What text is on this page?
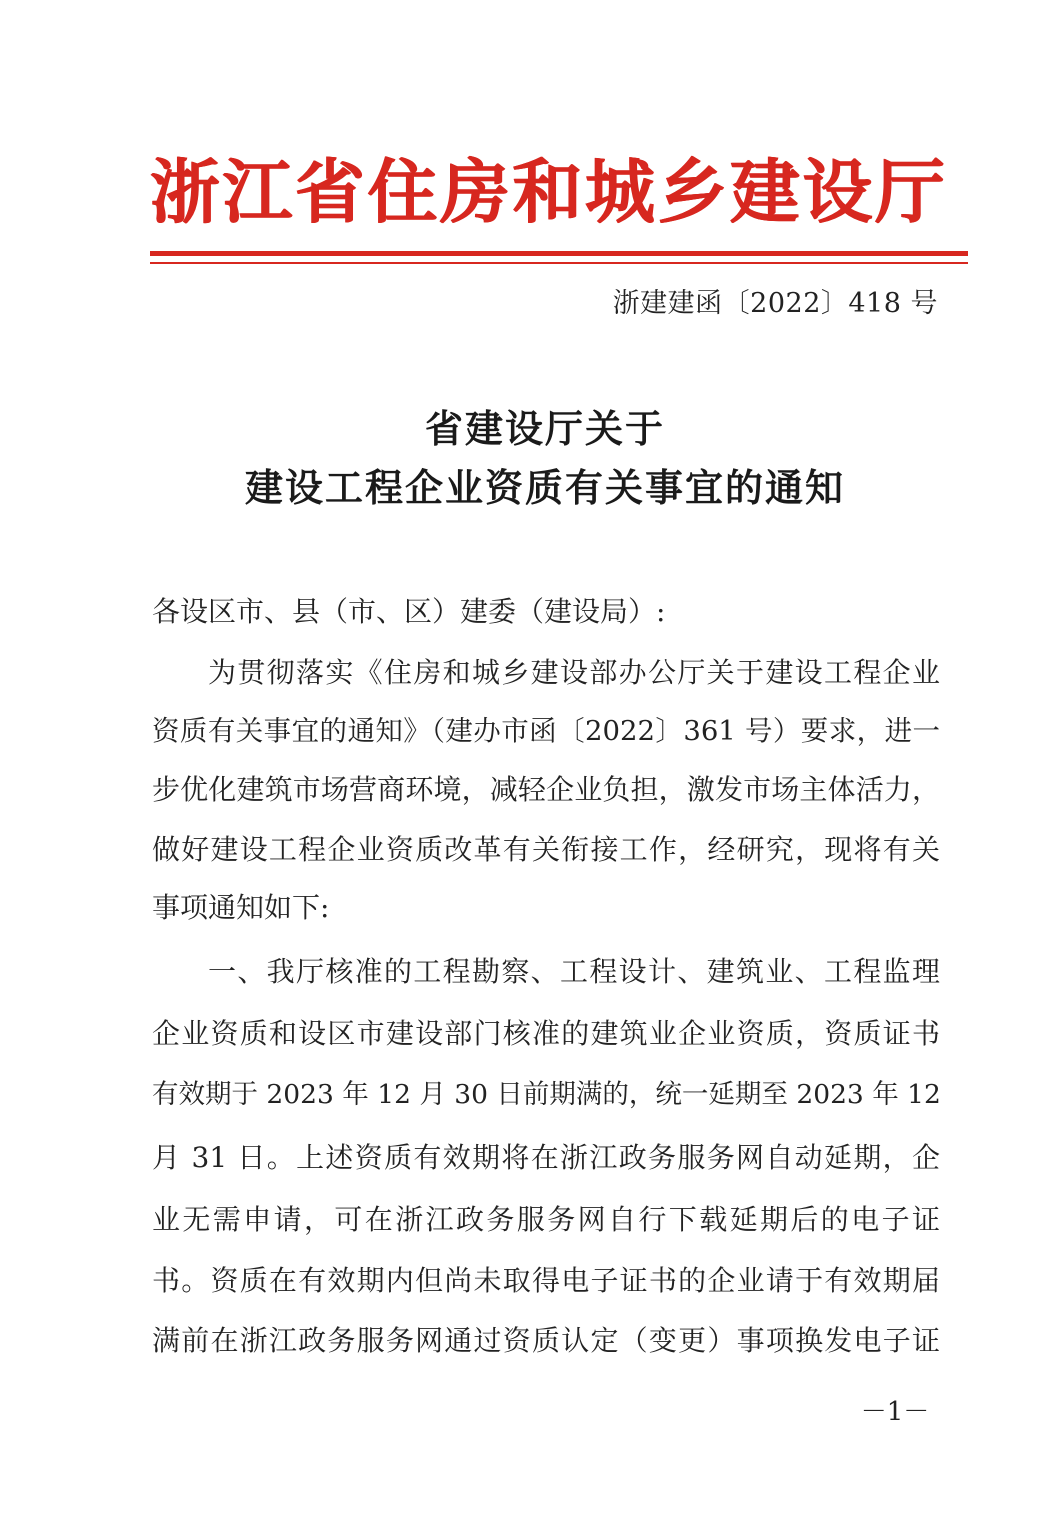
浙江省住房和城乡建设厅

浙建建函〔2022〕418 号

省建设厅关于
建设工程企业资质有关事宜的通知

各设区市、县（市、区）建委（建设局）:

为贯彻落实《住房和城乡建设部办公厅关于建设工程企业

资质有关事宜的通知》（建办市函〔2022〕361 号）要求，进一

步优化建筑市场营商环境，减轻企业负担，激发市场主体活力，

做好建设工程企业资质改革有关衔接工作，经研究，现将有关

事项通知如下:

一、我厅核准的工程勘察、工程设计、建筑业、工程监理

企业资质和设区市建设部门核准的建筑业企业资质，资质证书

有效期于 2023 年 12 月 30 日前期满的，统一延期至 2023 年 12

月 31 日。上述资质有效期将在浙江政务服务网自动延期，企

业无需申请，可在浙江政务服务网自行下载延期后的电子证

书。资质在有效期内但尚未取得电子证书的企业请于有效期届

满前在浙江政务服务网通过资质认定（变更）事项换发电子证

－1－
